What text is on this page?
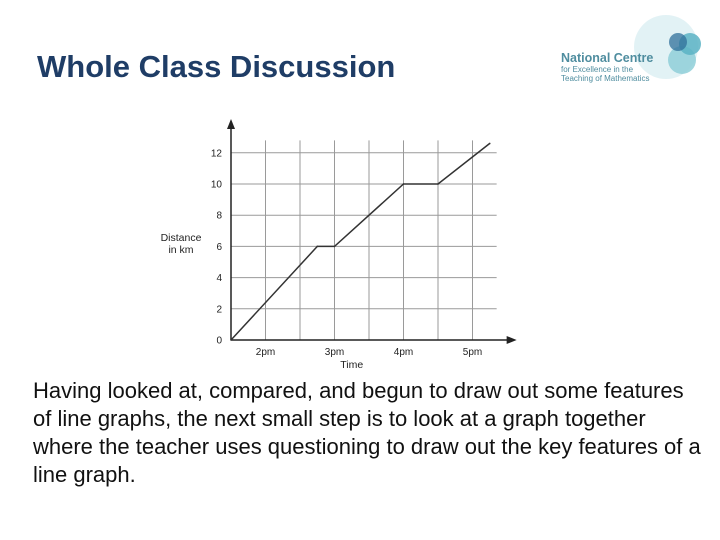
Whole Class Discussion	National Centre
for Excellence in the
Teaching of Mathematics
0
2
4
6
8
10
12
2pm	3pm	4pm	5pm
Time
Distance
in km
Having looked at, compared, and begun to draw out some features of line graphs, the next small step is to look at a graph together where the teacher uses questioning to draw out the key features of a line graph.
